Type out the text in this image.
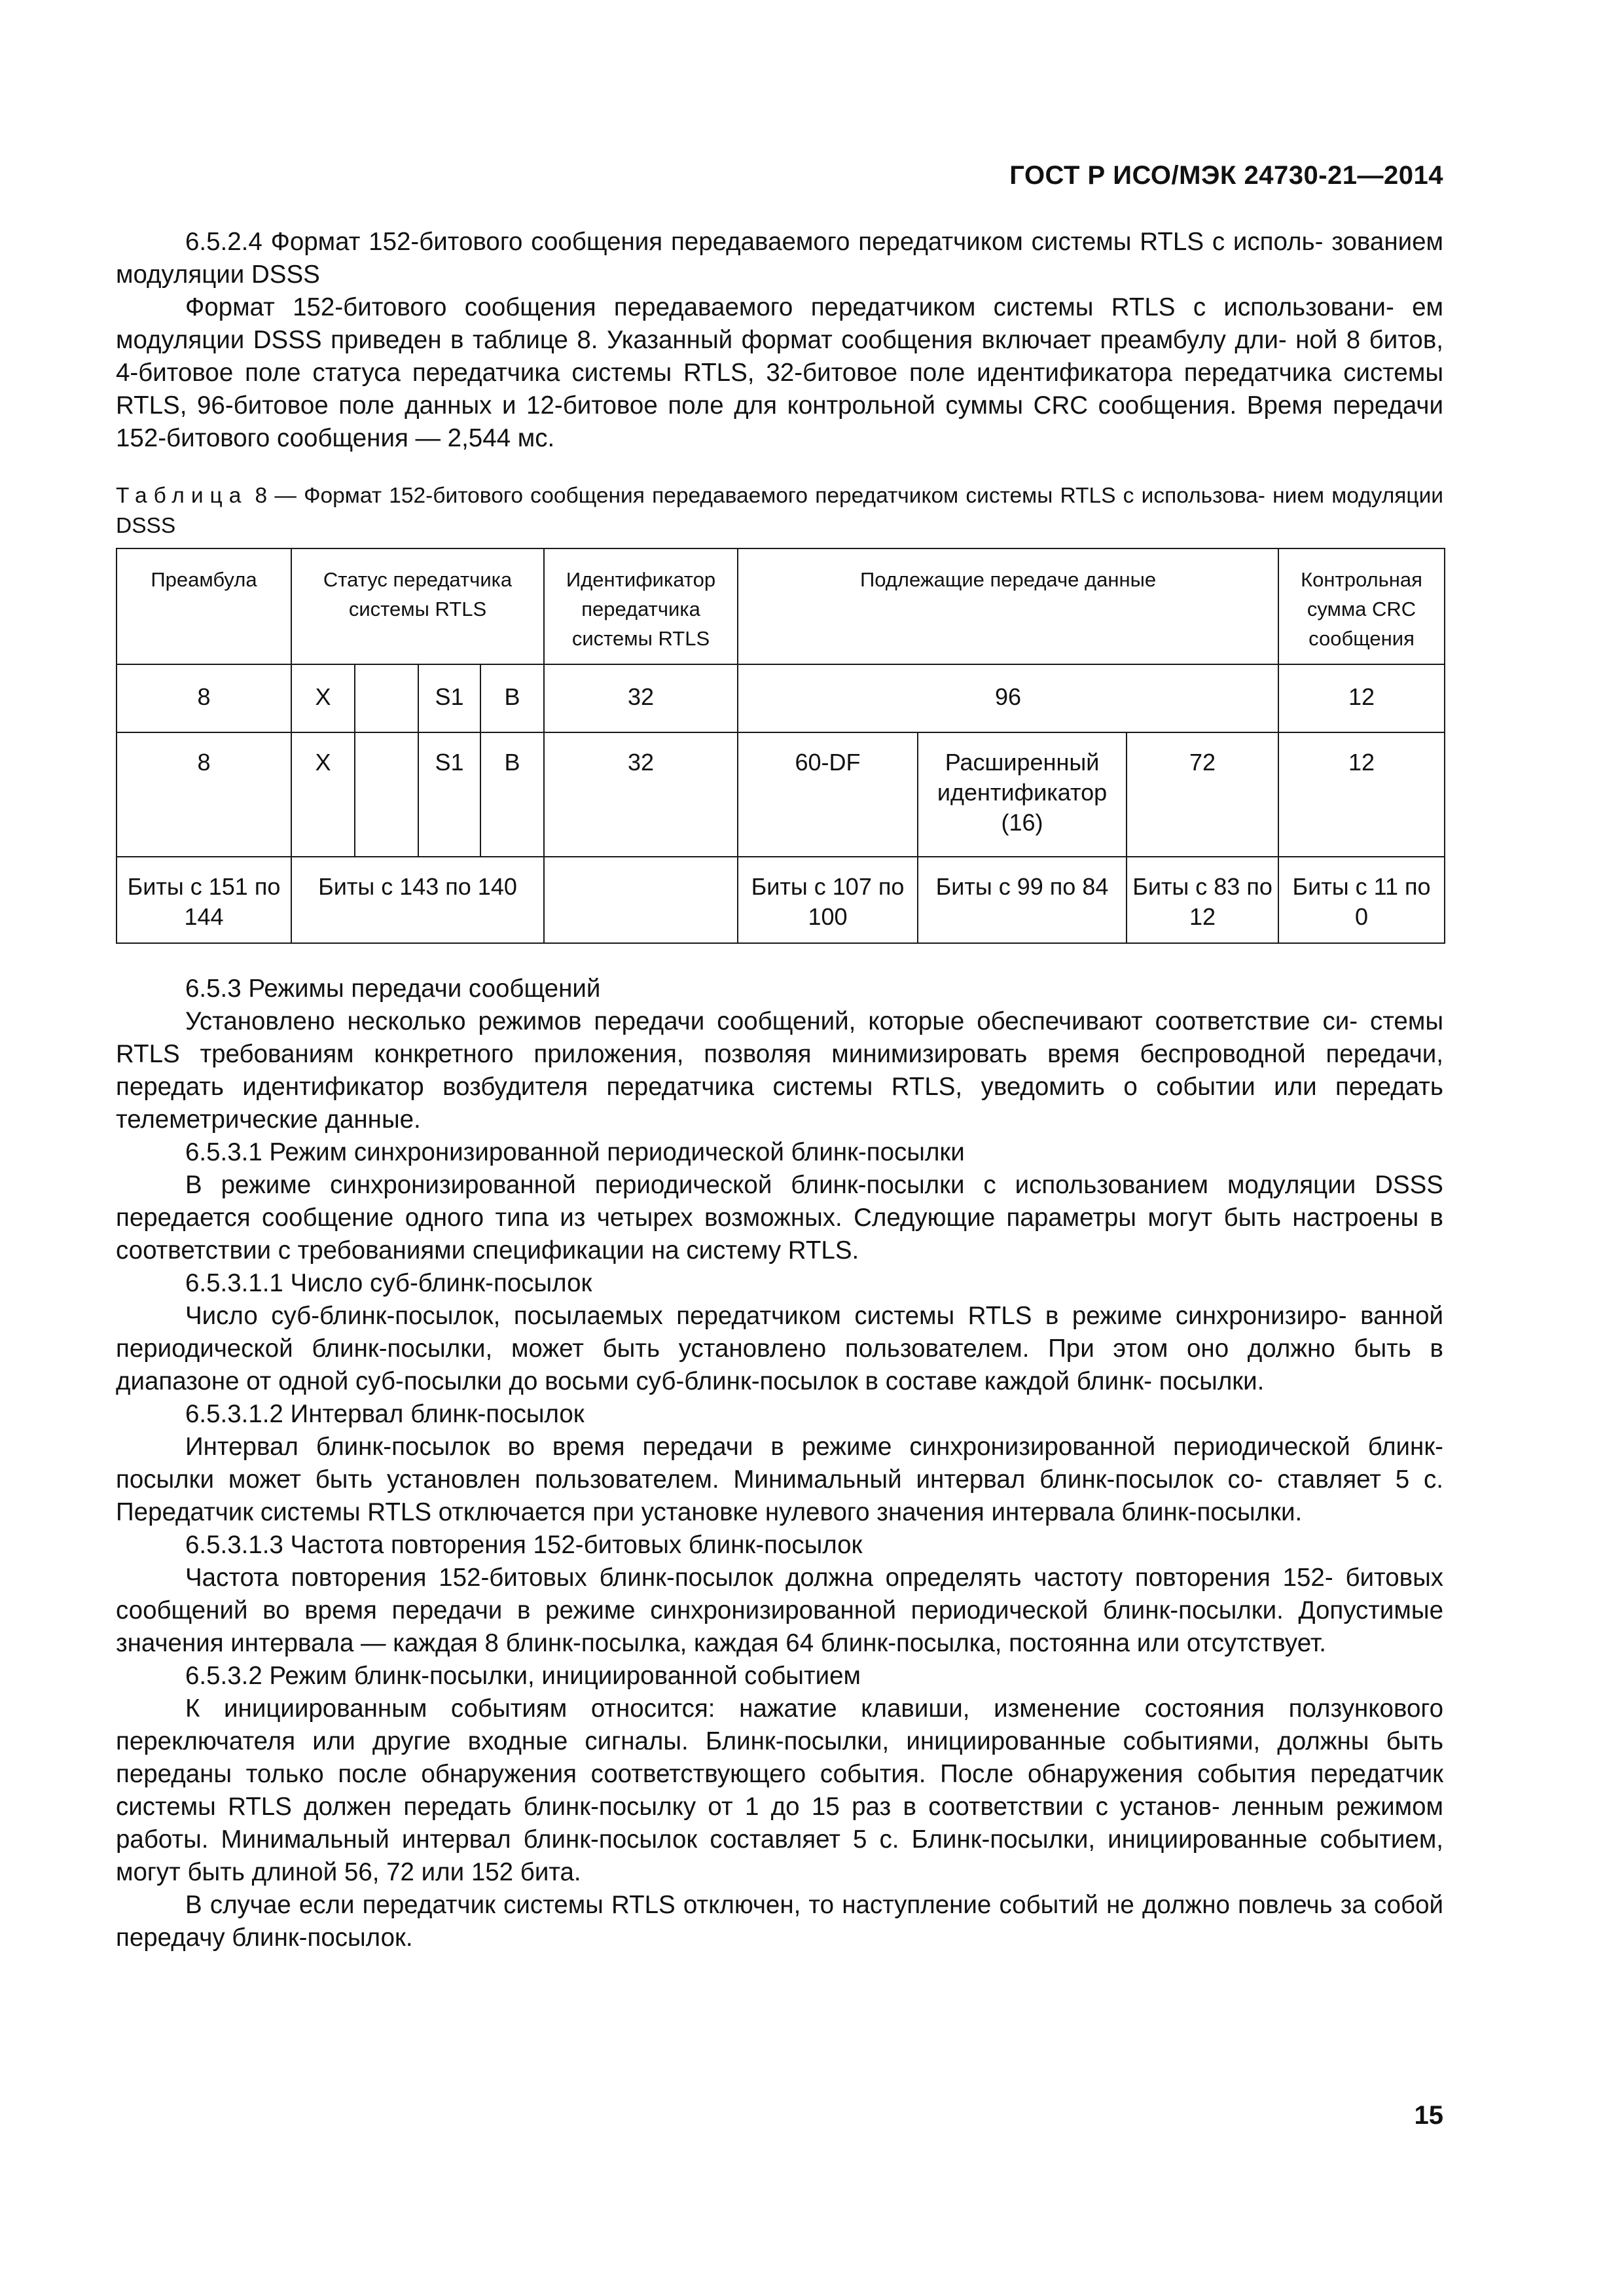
ГОСТ Р ИСО/МЭК 24730-21—2014

6.5.2.4 Формат 152-битового сообщения передаваемого передатчиком системы RTLS с исполь- зованием модуляции DSSS

Формат 152-битового сообщения передаваемого передатчиком системы RTLS с использовани- ем модуляции DSSS приведен в таблице 8. Указанный формат сообщения включает преамбулу дли- ной 8 битов, 4-битовое поле статуса передатчика системы RTLS, 32-битовое поле идентификатора передатчика системы RTLS, 96-битовое поле данных и 12-битовое поле для контрольной суммы CRC сообщения. Время передачи 152-битового сообщения — 2,544 мс.

Таблица 8 — Формат 152-битового сообщения передаваемого передатчиком системы RTLS с использова- нием модуляции DSSS

Преамбула	Статус передатчика системы RTLS				Идентификатор передатчика системы RTLS	Подлежащие передаче данные			Контрольная сумма CRC сообщения
8	X		S1	B	32	96			12
8	X		S1	B	32	60-DF	Расширенный идентификатор (16)	72	12
Биты с 151 по 144	Биты с 143 по 140					Биты с 107 по 100	Биты с 99 по 84	Биты с 83 по 12	Биты с 11 по 0

6.5.3 Режимы передачи сообщений

Установлено несколько режимов передачи сообщений, которые обеспечивают соответствие си- стемы RTLS требованиям конкретного приложения, позволяя минимизировать время беспроводной передачи, передать идентификатор возбудителя передатчика системы RTLS, уведомить о событии или передать телеметрические данные.

6.5.3.1 Режим синхронизированной периодической блинк-посылки

В режиме синхронизированной периодической блинк-посылки с использованием модуляции DSSS передается сообщение одного типа из четырех возможных. Следующие параметры могут быть настроены в соответствии с требованиями спецификации на систему RTLS.

6.5.3.1.1 Число суб-блинк-посылок

Число суб-блинк-посылок, посылаемых передатчиком системы RTLS в режиме синхронизиро- ванной периодической блинк-посылки, может быть установлено пользователем. При этом оно должно быть в диапазоне от одной суб-посылки до восьми суб-блинк-посылок в составе каждой блинк- посылки.

6.5.3.1.2 Интервал блинк-посылок

Интервал блинк-посылок во время передачи в режиме синхронизированной периодической блинк-посылки может быть установлен пользователем. Минимальный интервал блинк-посылок со- ставляет 5 с. Передатчик системы RTLS отключается при установке нулевого значения интервала блинк-посылки.

6.5.3.1.3 Частота повторения 152-битовых блинк-посылок

Частота повторения 152-битовых блинк-посылок должна определять частоту повторения 152- битовых сообщений во время передачи в режиме синхронизированной периодической блинк-посылки. Допустимые значения интервала — каждая 8 блинк-посылка, каждая 64 блинк-посылка, постоянна или отсутствует.

6.5.3.2 Режим блинк-посылки, инициированной событием

К инициированным событиям относится: нажатие клавиши, изменение состояния ползункового переключателя или другие входные сигналы. Блинк-посылки, инициированные событиями, должны быть переданы только после обнаружения соответствующего события. После обнаружения события передатчик системы RTLS должен передать блинк-посылку от 1 до 15 раз в соответствии с установ- ленным режимом работы. Минимальный интервал блинк-посылок составляет 5 с. Блинк-посылки, инициированные событием, могут быть длиной 56, 72 или 152 бита.

В случае если передатчик системы RTLS отключен, то наступление событий не должно повлечь за собой передачу блинк-посылок.

15
